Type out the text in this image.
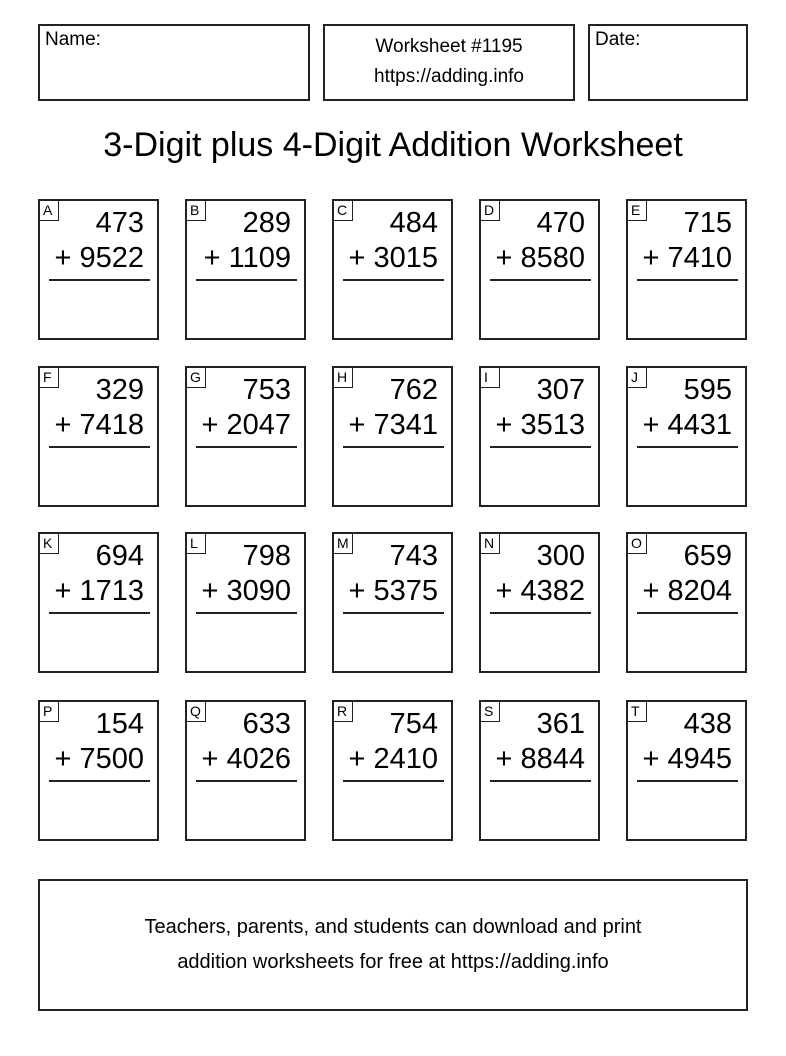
Name:	Worksheet #1195
https://adding.info
Date:
3-Digit plus 4-Digit Addition Worksheet
A 473
+ 9522
B 289
+ 1109
C 484
+ 3015
D 470
+ 8580
E 715
+ 7410
F 329
+ 7418
G 753
+ 2047
H 762
+ 7341
I	307
+ 3513
J	595
+ 4431
K 694
+ 1713
L 798
+ 3090
M 743
+ 5375
N 300
+ 4382
O 659
+ 8204
P 154
+ 7500
Q 633
+ 4026
R 754
+ 2410
S 361
+ 8844
T 438
+ 4945
Teachers, parents, and students can download and print
addition worksheets for free at https://adding.info
